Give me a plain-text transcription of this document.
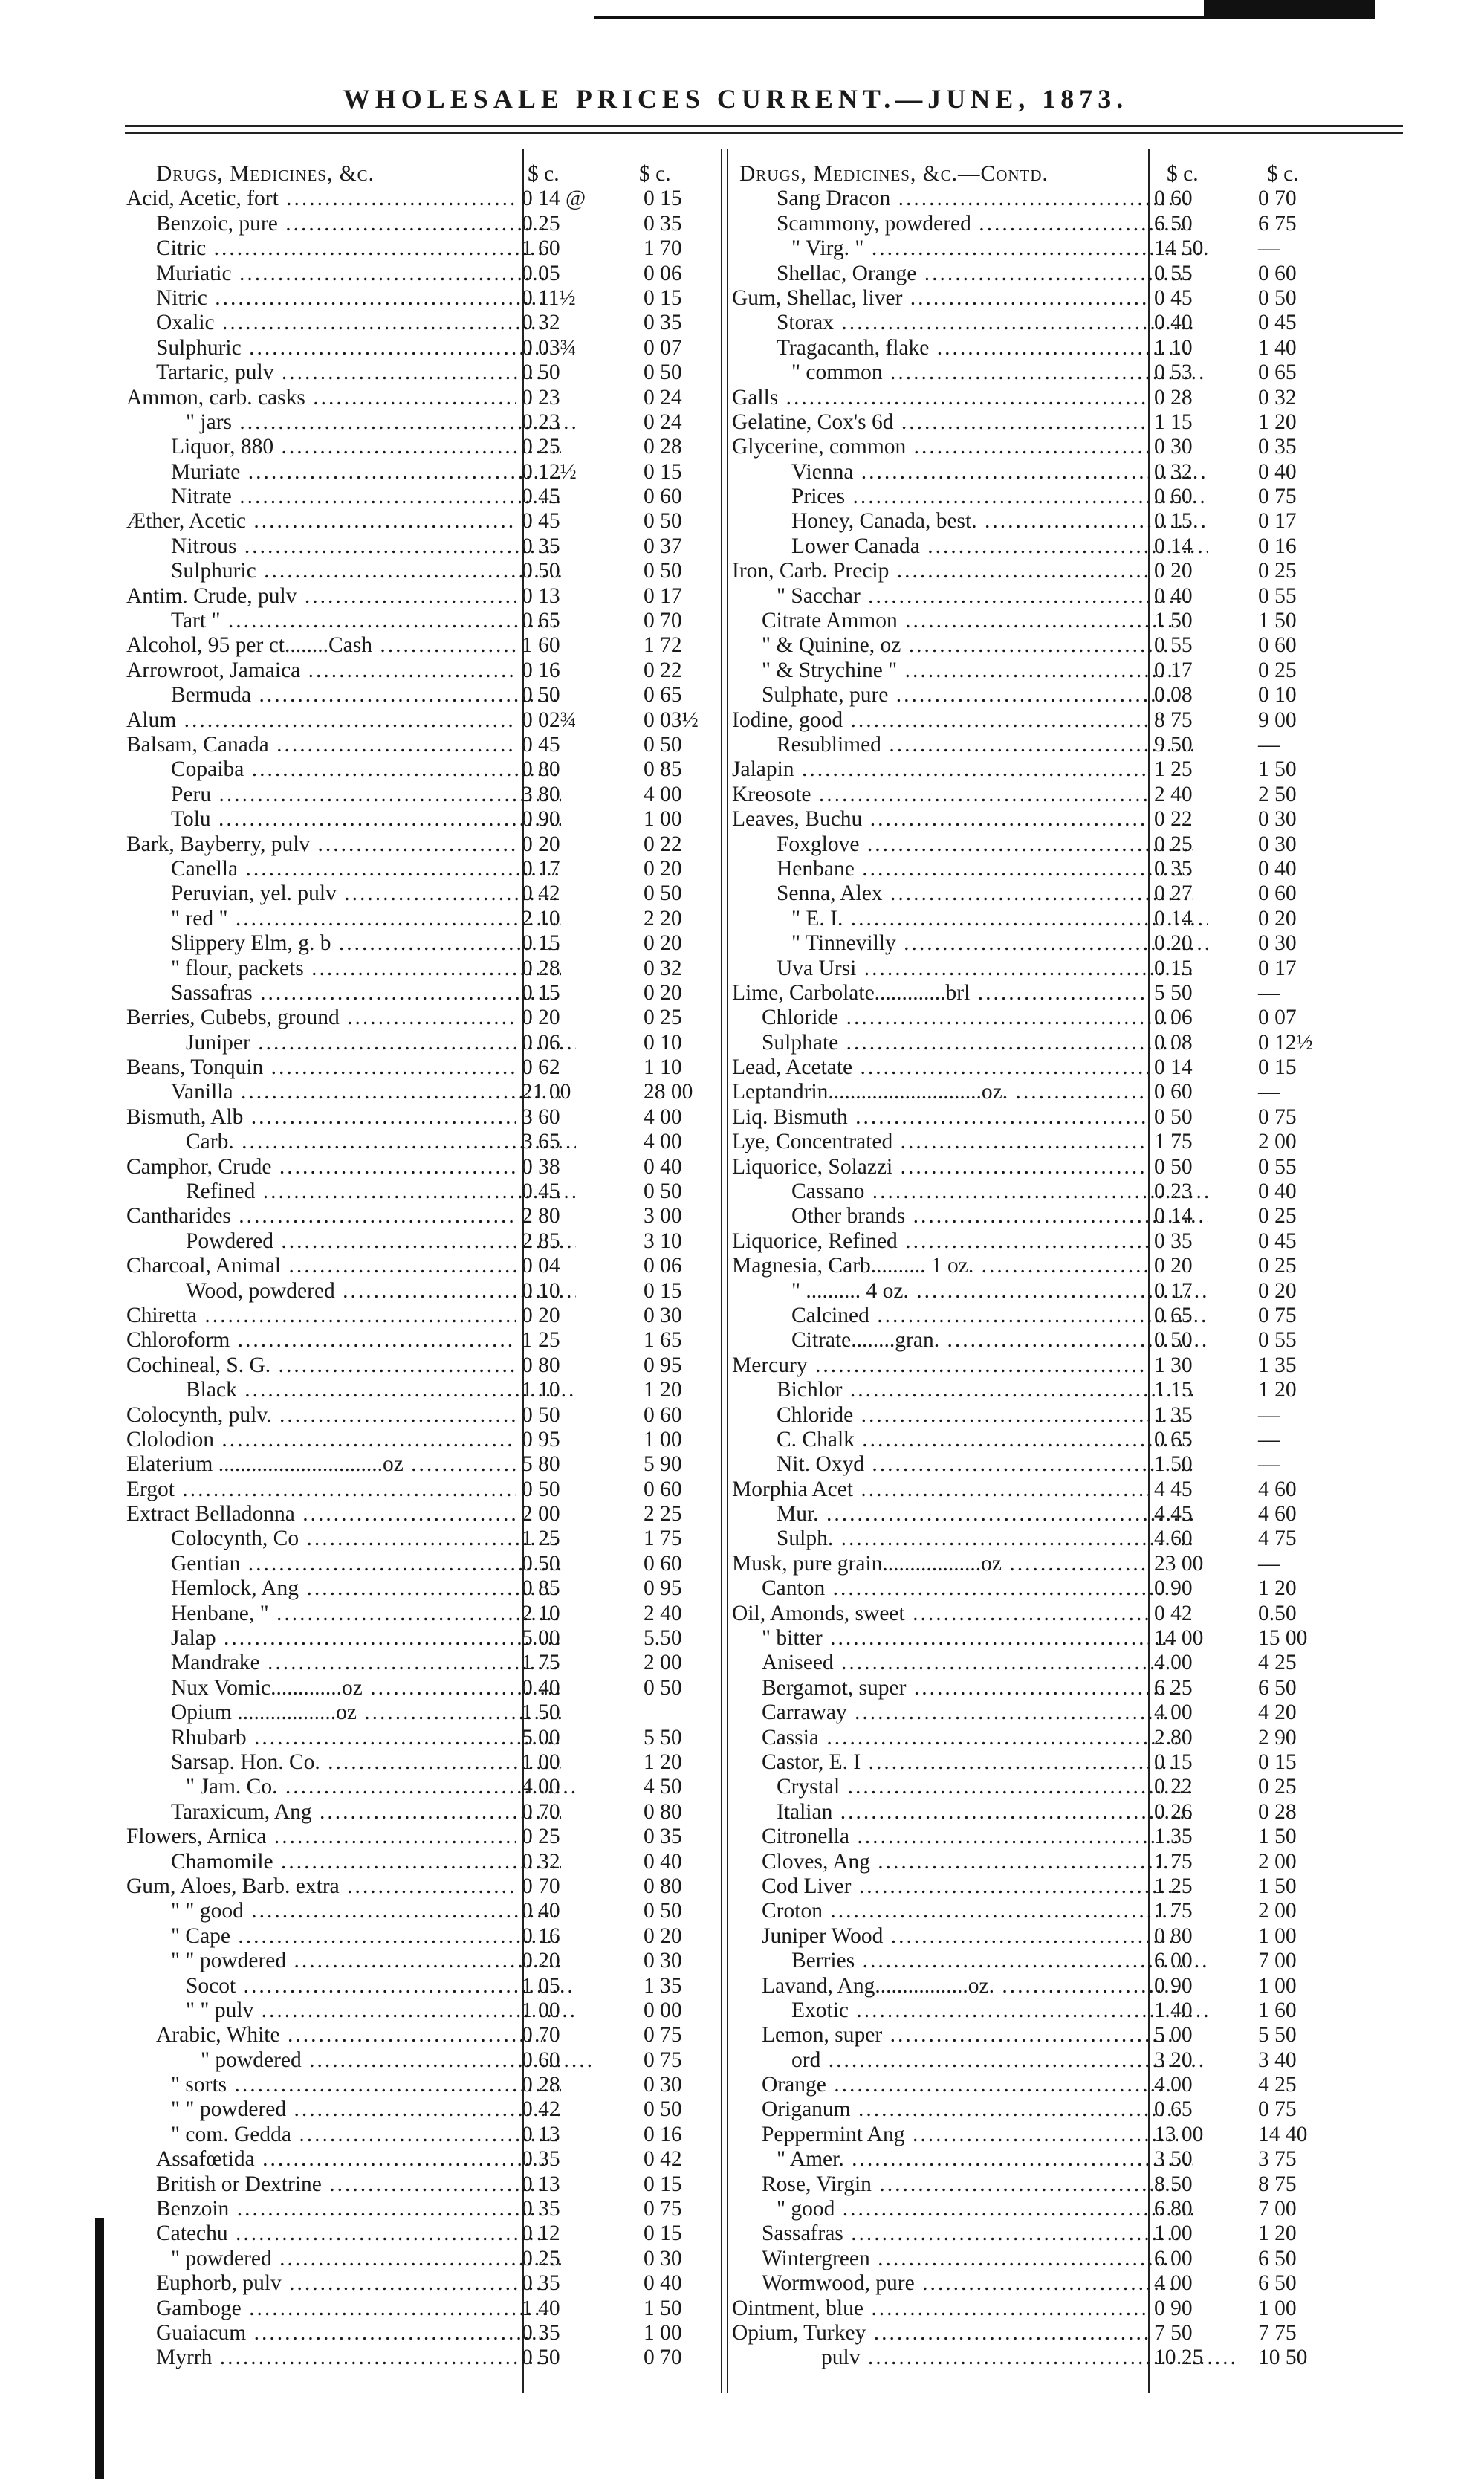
WHOLESALE PRICES CURRENT.—JUNE, 1873.
Drugs, Medicines, &c.	$ c.	$ c.
Acid, Acetic, fort .....	0 14 @	0 15
Benzoic, pure .....	0 25	0 35
Citric .....	1 60	1 70
Muriatic .....	0 05	0 06
Nitric .....	0 11½	0 15
Oxalic .....	0 32	0 35
Sulphuric .....	0 03¾	0 07
Tartaric, pulv .....	0 50	0 50
Ammon, carb. casks .....	0 23	0 24
" jars .....	0 23	0 24
Liquor, 880 .....	0 25	0 28
Muriate .....	0 12½	0 15
Nitrate .....	0 45	0 60
Æther, Acetic .....	0 45	0 50
Nitrous .....	0 35	0 37
Sulphuric .....	0 50	0 50
Antim. Crude, pulv .....	0 13	0 17
Tart " .....	0 65	0 70
Alcohol, 95 per ct........Cash .....	1 60	1 72
Arrowroot, Jamaica .....	0 16	0 22
Bermuda .....	0 50	0 65
Alum .....	0 02¾	0 03½
Balsam, Canada .....	0 45	0 50
Copaiba .....	0 80	0 85
Peru .....	3 80	4 00
Tolu .....	0 90	1 00
Bark, Bayberry, pulv .....	0 20	0 22
Canella .....	0 17	0 20
Peruvian, yel. pulv .....	0 42	0 50
" red " .....	2 10	2 20
Slippery Elm, g. b .....	0 15	0 20
" flour, packets .....	0 28	0 32
Sassafras .....	0 15	0 20
Berries, Cubebs, ground .....	0 20	0 25
Juniper .....	0 06	0 10
Beans, Tonquin .....	0 62	1 10
Vanilla .....	21 00	28 00
Bismuth, Alb .....	3 60	4 00
Carb. .....	3 65	4 00
Camphor, Crude .....	0 38	0 40
Refined .....	0 45	0 50
Cantharides .....	2 80	3 00
Powdered .....	2 85	3 10
Charcoal, Animal .....	0 04	0 06
Wood, powdered .....	0 10	0 15
Chiretta .....	0 20	0 30
Chloroform .....	1 25	1 65
Cochineal, S. G. .....	0 80	0 95
Black .....	1 10	1 20
Colocynth, pulv. .....	0 50	0 60
Clolodion .....	0 95	1 00
Elaterium ..............................oz .....	5 80	5 90
Ergot .....	0 50	0 60
Extract Belladonna .....	2 00	2 25
Colocynth, Co .....	1 25	1 75
Gentian .....	0 50	0 60
Hemlock, Ang .....	0 85	0 95
Henbane, " .....	2 10	2 40
Jalap .....	5 00	5.50
Mandrake .....	1 75	2 00
Nux Vomic.............oz .....	0 40	0 50
Opium ..................oz .....	1 50
Rhubarb .....	5 00	5 50
Sarsap. Hon. Co. .....	1 00	1 20
" Jam. Co. .....	4 00	4 50
Taraxicum, Ang .....	0 70	0 80
Flowers, Arnica .....	0 25	0 35
Chamomile .....	0 32	0 40
Gum, Aloes, Barb. extra .....	0 70	0 80
" " good .....	0 40	0 50
" Cape .....	0 16	0 20
" " powdered .....	0 20	0 30
Socot .....	1 05	1 35
" " pulv .....	1 00	0 00
Arabic, White .....	0 70	0 75
" powdered .....	0 60	0 75
" sorts .....	0 28	0 30
" " powdered .....	0 42	0 50
" com. Gedda .....	0 13	0 16
Assafœtida .....	0 35	0 42
British or Dextrine .....	0 13	0 15
Benzoin .....	0 35	0 75
Catechu .....	0 12	0 15
" powdered .....	0 25	0 30
Euphorb, pulv .....	0 35	0 40
Gamboge .....	1 40	1 50
Guaiacum .....	0 35	1 00
Myrrh .....	0 50	0 70
Drugs, Medicines, &c.—Contd.	$ c.	$ c.
Sang Dracon .....	0 60	0 70
Scammony, powdered .....	6 50	6 75
" Virg. " .....	14 50 —
Shellac, Orange .....	0 55	0 60
Gum, Shellac, liver .....	0 45	0 50
Storax .....	0 40	0 45
Tragacanth, flake .....	1 10	1 40
" common .....	0 53	0 65
Galls .....	0 28	0 32
Gelatine, Cox's 6d .....	1 15	1 20
Glycerine, common .....	0 30	0 35
Vienna .....	0 32	0 40
Prices .....	0 60	0 75
Honey, Canada, best. .....	0 15	0 17
Lower Canada .....	0 14	0 16
Iron, Carb. Precip .....	0 20	0 25
" Sacchar .....	0 40	0 55
Citrate Ammon .....	1 50	1 50
" & Quinine, oz .....	0 55	0 60
" & Strychine " .....	0 17	0 25
Sulphate, pure .....	0 08	0 10
Iodine, good .....	8 75	9 00
Resublimed .....	9 50	—
Jalapin .....	1 25	1 50
Kreosote .....	2 40	2 50
Leaves, Buchu .....	0 22	0 30
Foxglove .....	0 25	0 30
Henbane .....	0 35	0 40
Senna, Alex .....	0 27	0 60
" E. I. .....	0 14	0 20
" Tinnevilly .....	0 20	0 30
Uva Ursi .....	0 15	0 17
Lime, Carbolate.............brl .....	5 50	—
Chloride .....	0 06	0 07
Sulphate .....	0 08	0 12½
Lead, Acetate .....	0 14	0 15
Leptandrin............................oz. .....	0 60	—
Liq. Bismuth .....	0 50	0 75
Lye, Concentrated .....	1 75	2 00
Liquorice, Solazzi .....	0 50	0 55
Cassano .....	0 23	0 40
Other brands .....	0 14	0 25
Liquorice, Refined .....	0 35	0 45
Magnesia, Carb.......... 1 oz. .....	0 20	0 25
" .......... 4 oz. .....	0 17	0 20
Calcined .....	0 65	0 75
Citrate........gran. .....	0 50	0 55
Mercury .....	1 30	1 35
Bichlor .....	1 15	1 20
Chloride .....	1 35	—
C. Chalk .....	0 65	—
Nit. Oxyd .....	1 50	—
Morphia Acet .....	4 45	4 60
Mur. .....	4 45	4 60
Sulph. .....	4 60	4 75
Musk, pure grain..................oz .....	23 00 —
Canton .....	0 90	1 20
Oil, Amonds, sweet .....	0 42	0.50
" bitter .....	14 00 15 00
Aniseed .....	4 00	4 25
Bergamot, super .....	6 25	6 50
Carraway .....	4 00	4 20
Cassia .....	2 80	2 90
Castor, E. I .....	0 15	0 15
Crystal .....	0 22	0 25
Italian .....	0 26	0 28
Citronella .....	1 35	1 50
Cloves, Ang .....	1 75	2 00
Cod Liver .....	1 25	1 50
Croton .....	1 75	2 00
Juniper Wood .....	0 80	1 00
Berries .....	6 00	7 00
Lavand, Ang.................oz. .....	0 90	1 00
Exotic .....	1 40	1 60
Lemon, super .....	5 00	5 50
ord .....	3 20	3 40
Orange .....	4 00	4 25
Origanum .....	0 65	0 75
Peppermint Ang .....	13 00 14 40
" Amer. .....	3 50	3 75
Rose, Virgin .....	8 50	8 75
" good .....	6 80	7 00
Sassafras .....	1 00	1 20
Wintergreen .....	6 00	6 50
Wormwood, pure .....	4 00	6 50
Ointment, blue .....	0 90	1 00
Opium, Turkey .....	7 50	7 75
pulv .....	10 25 10 50
